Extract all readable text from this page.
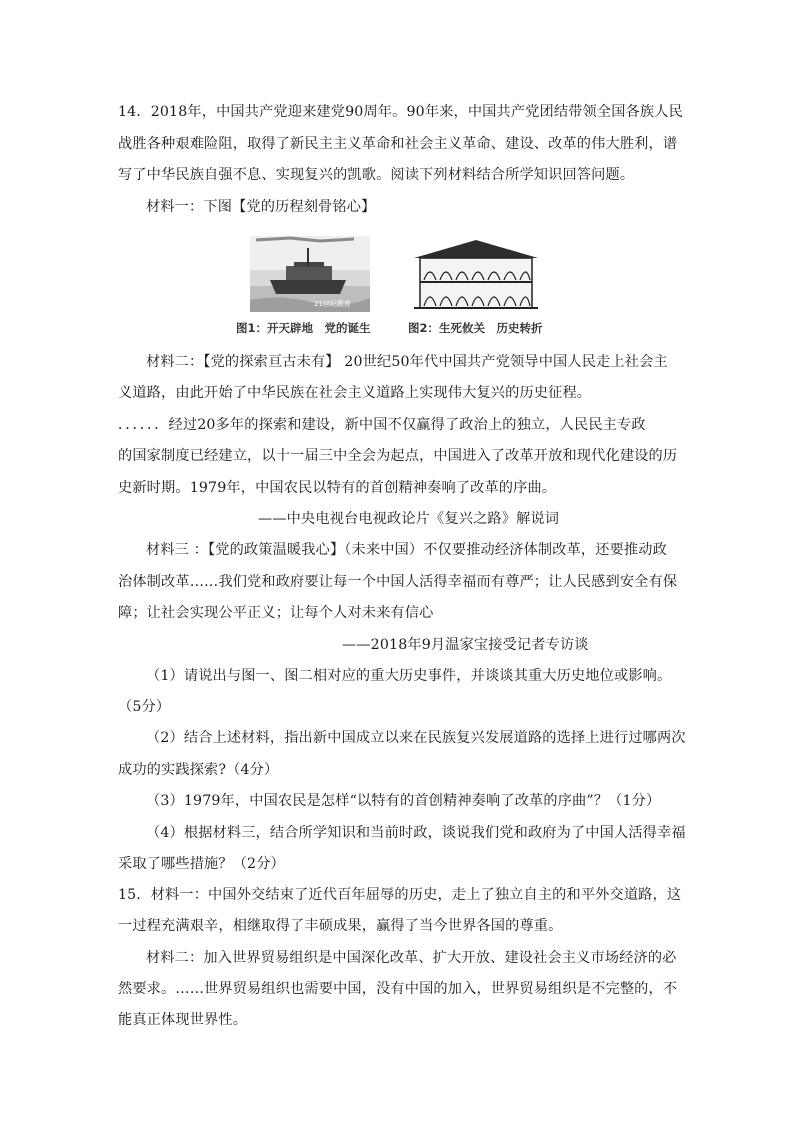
14．2018年，中国共产党迎来建党90周年。90年来，中国共产党团结带领全国各族人民
战胜各种艰难险阻，取得了新民主主义革命和社会主义革命、建设、改革的伟大胜利，谱
写了中华民族自强不息、实现复兴的凯歌。阅读下列材料结合所学知识回答问题。
材料一：下图【党的历程刻骨铭心】
21世纪教育
图1：开天辟地　党的诞生	图2：生死攸关　历史转折
材料二：【党的探索亘古未有】 20世纪50年代中国共产党领导中国人民走上社会主
义道路，由此开始了中华民族在社会主义道路上实现伟大复兴的历史征程。
．．．．．．经过20多年的探索和建设，新中国不仅赢得了政治上的独立，人民民主专政
的国家制度已经建立，以十一届三中全会为起点，中国进入了改革开放和现代化建设的历
史新时期。1979年，中国农民以特有的首创精神奏响了改革的序曲。
——中央电视台电视政论片《复兴之路》解说词
材料三 ：【党的政策温暖我心】（未来中国）不仅要推动经济体制改革，还要推动政
治体制改革……我们党和政府要让每一个中国人活得幸福而有尊严；让人民感到安全有保
障；让社会实现公平正义；让每个人对未来有信心
——2018年9月温家宝接受记者专访谈
（1）请说出与图一、图二相对应的重大历史事件，并谈谈其重大历史地位或影响。
（5分）
（2）结合上述材料，指出新中国成立以来在民族复兴发展道路的选择上进行过哪两次
成功的实践探索?（4分）
（3）1979年，中国农民是怎样“以特有的首创精神奏响了改革的序曲”？（1分）
（4）根据材料三，结合所学知识和当前时政，谈说我们党和政府为了中国人活得幸福
采取了哪些措施？（2分）
15．材料一：中国外交结束了近代百年屈辱的历史，走上了独立自主的和平外交道路，这
一过程充满艰辛，相继取得了丰硕成果，赢得了当今世界各国的尊重。
材料二：加入世界贸易组织是中国深化改革、扩大开放、建设社会主义市场经济的必
然要求。……世界贸易组织也需要中国，没有中国的加入，世界贸易组织是不完整的，不
能真正体现世界性。
